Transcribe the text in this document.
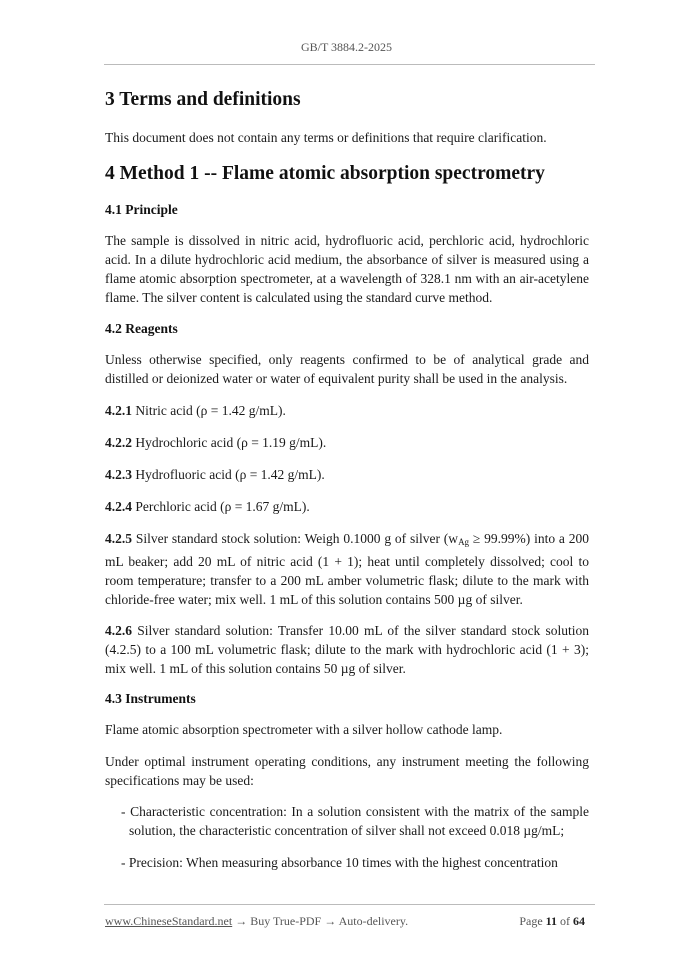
GB/T 3884.2-2025
3 Terms and definitions

This document does not contain any terms or definitions that require clarification.

4 Method 1 -- Flame atomic absorption spectrometry
4.1 Principle

The sample is dissolved in nitric acid, hydrofluoric acid, perchloric acid, hydrochloric acid. In a dilute hydrochloric acid medium, the absorbance of silver is measured using a flame atomic absorption spectrometer, at a wavelength of 328.1 nm with an air-acetylene flame. The silver content is calculated using the standard curve method.

4.2 Reagents

Unless otherwise specified, only reagents confirmed to be of analytical grade and distilled or deionized water or water of equivalent purity shall be used in the analysis.

4.2.1 Nitric acid (ρ = 1.42 g/mL).

4.2.2 Hydrochloric acid (ρ = 1.19 g/mL).

4.2.3 Hydrofluoric acid (ρ = 1.42 g/mL).

4.2.4 Perchloric acid (ρ = 1.67 g/mL).

4.2.5 Silver standard stock solution: Weigh 0.1000 g of silver (wAg ≥ 99.99%) into a 200 mL beaker; add 20 mL of nitric acid (1 + 1); heat until completely dissolved; cool to room temperature; transfer to a 200 mL amber volumetric flask; dilute to the mark with chloride-free water; mix well. 1 mL of this solution contains 500 µg of silver.

4.2.6 Silver standard solution: Transfer 10.00 mL of the silver standard stock solution (4.2.5) to a 100 mL volumetric flask; dilute to the mark with hydrochloric acid (1 + 3); mix well. 1 mL of this solution contains 50 µg of silver.

4.3 Instruments

Flame atomic absorption spectrometer with a silver hollow cathode lamp.

Under optimal instrument operating conditions, any instrument meeting the following specifications may be used:

- Characteristic concentration: In a solution consistent with the matrix of the sample solution, the characteristic concentration of silver shall not exceed 0.018 µg/mL;

- Precision: When measuring absorbance 10 times with the highest concentration

www.ChineseStandard.net → Buy True-PDF → Auto-delivery.	Page 11 of 64
